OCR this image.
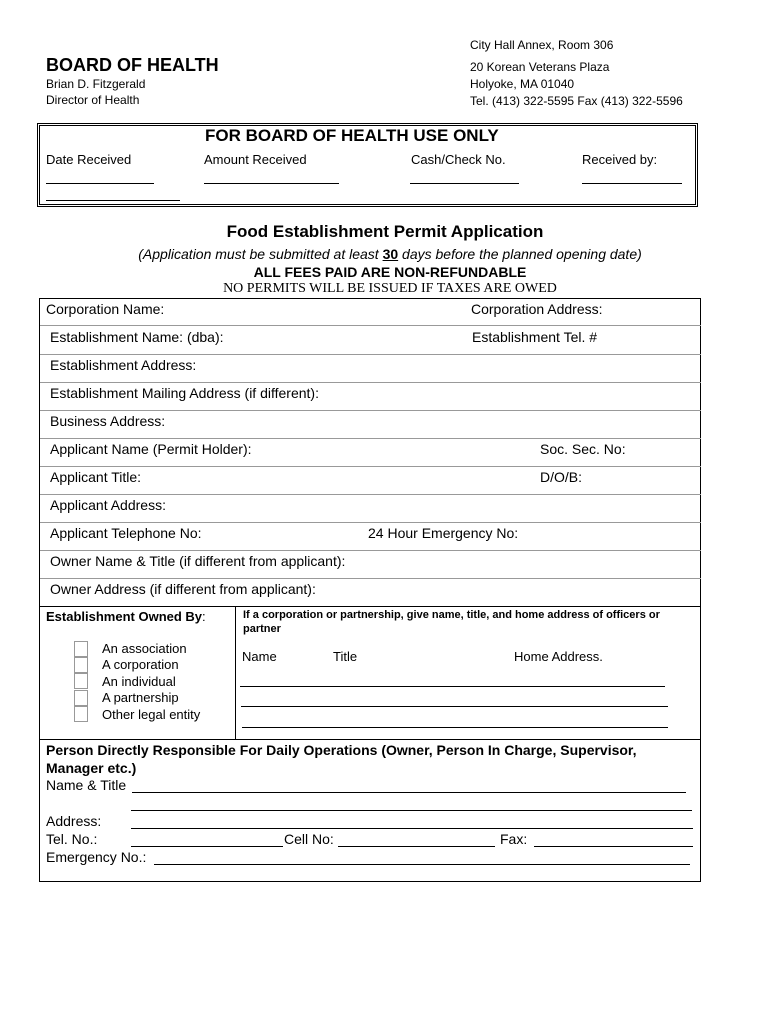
BOARD OF HEALTH
Brian D. Fitzgerald
Director of Health
City Hall Annex, Room 306
20 Korean Veterans Plaza
Holyoke, MA 01040
Tel. (413) 322-5595 Fax (413) 322-5596
FOR BOARD OF HEALTH USE ONLY
Date Received	Amount Received	Cash/Check No.	Received by:
Food Establishment Permit Application
(Application must be submitted at least 30 days before the planned opening date)
ALL FEES PAID ARE NON-REFUNDABLE
NO PERMITS WILL BE ISSUED IF TAXES ARE OWED
Corporation Name:	Corporation Address:
Establishment Name: (dba):	Establishment Tel. #
Establishment Address:
Establishment Mailing Address (if different):
Business Address:
Applicant Name (Permit Holder):	Soc. Sec. No:
Applicant Title:	D/O/B:
Applicant Address:
Applicant Telephone No:	24 Hour Emergency No:
Owner Name & Title (if different from applicant):
Owner Address (if different from applicant):
Establishment Owned By:
An association
A corporation
An individual
A partnership
Other legal entity
If a corporation or partnership, give name, title, and home address of officers or partner
Name	Title	Home Address.
Person Directly Responsible For Daily Operations (Owner, Person In Charge, Supervisor, Manager etc.)
Name & Title
Address:
Tel. No.:	Cell No:	Fax:
Emergency No.:
